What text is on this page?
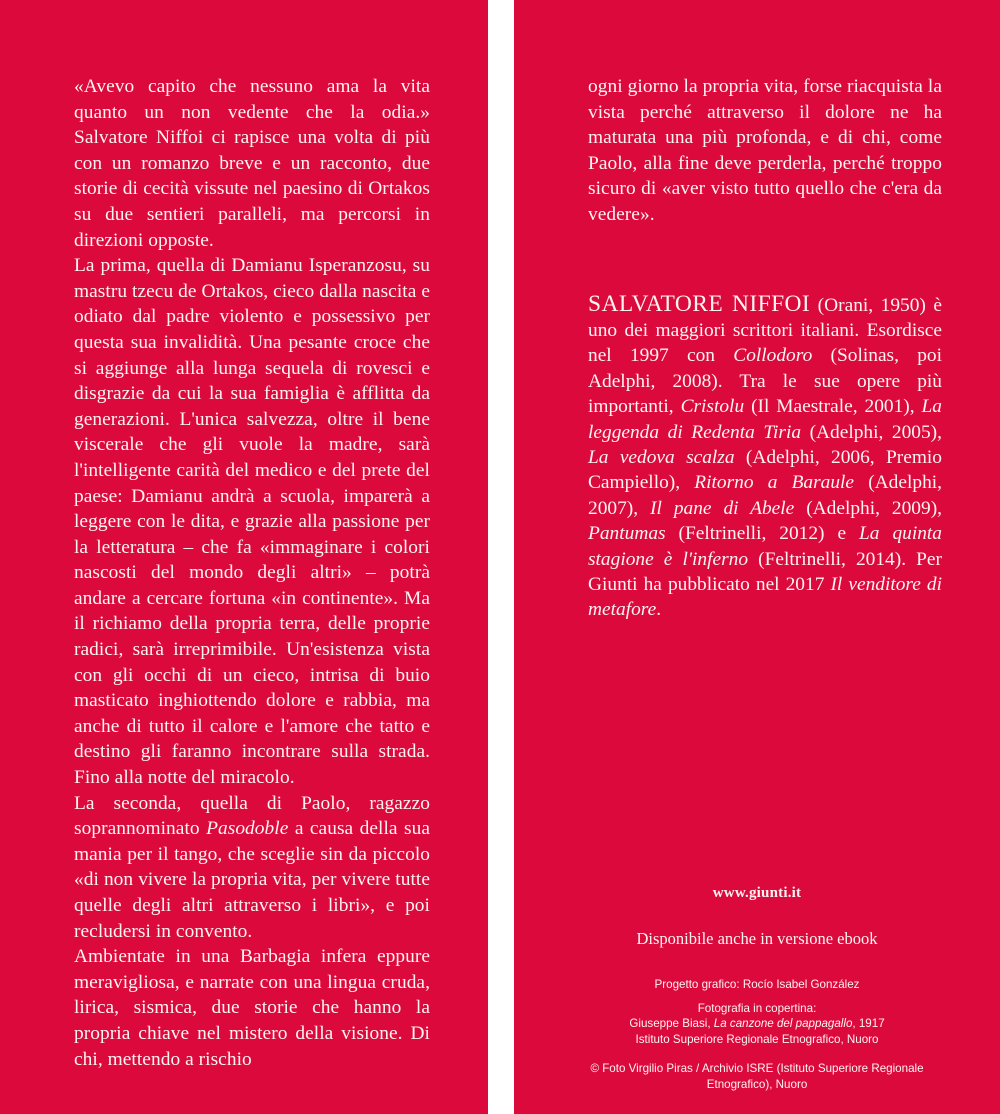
«Avevo capito che nessuno ama la vita quanto un non vedente che la odia.» Salvatore Niffoi ci rapisce una volta di più con un romanzo breve e un racconto, due storie di cecità vissute nel paesino di Ortakos su due sentieri paralleli, ma percorsi in direzioni opposte.

La prima, quella di Damianu Isperanzosu, su mastru tzecu de Ortakos, cieco dalla nascita e odiato dal padre violento e possessivo per questa sua invalidità. Una pesante croce che si aggiunge alla lunga sequela di rovesci e disgrazie da cui la sua famiglia è afflitta da generazioni. L'unica salvezza, oltre il bene viscerale che gli vuole la madre, sarà l'intelligente carità del medico e del prete del paese: Damianu andrà a scuola, imparerà a leggere con le dita, e grazie alla passione per la letteratura – che fa «immaginare i colori nascosti del mondo degli altri» – potrà andare a cercare fortuna «in continente». Ma il richiamo della propria terra, delle proprie radici, sarà irreprimibile. Un'esistenza vista con gli occhi di un cieco, intrisa di buio masticato inghiottendo dolore e rabbia, ma anche di tutto il calore e l'amore che tatto e destino gli faranno incontrare sulla strada. Fino alla notte del miracolo.

La seconda, quella di Paolo, ragazzo soprannominato Pasodoble a causa della sua mania per il tango, che sceglie sin da piccolo «di non vivere la propria vita, per vivere tutte quelle degli altri attraverso i libri», e poi recludersi in convento.

Ambientate in una Barbagia infera eppure meravigliosa, e narrate con una lingua cruda, lirica, sismica, due storie che hanno la propria chiave nel mistero della visione. Di chi, mettendo a rischio

ogni giorno la propria vita, forse riacquista la vista perché attraverso il dolore ne ha maturata una più profonda, e di chi, come Paolo, alla fine deve perderla, perché troppo sicuro di «aver visto tutto quello che c'era da vedere».

SALVATORE NIFFOI (Orani, 1950) è uno dei maggiori scrittori italiani. Esordisce nel 1997 con Collodoro (Solinas, poi Adelphi, 2008). Tra le sue opere più importanti, Cristolu (Il Maestrale, 2001), La leggenda di Redenta Tiria (Adelphi, 2005), La vedova scalza (Adelphi, 2006, Premio Campiello), Ritorno a Baraule (Adelphi, 2007), Il pane di Abele (Adelphi, 2009), Pantumas (Feltrinelli, 2012) e La quinta stagione è l'inferno (Feltrinelli, 2014). Per Giunti ha pubblicato nel 2017 Il venditore di metafore.

www.giunti.it
Disponibile anche in versione ebook
Progetto grafico: Rocío Isabel González
Fotografia in copertina:
Giuseppe Biasi, La canzone del pappagallo, 1917
Istituto Superiore Regionale Etnografico, Nuoro
© Foto Virgilio Piras / Archivio ISRE (Istituto Superiore Regionale Etnografico), Nuoro
